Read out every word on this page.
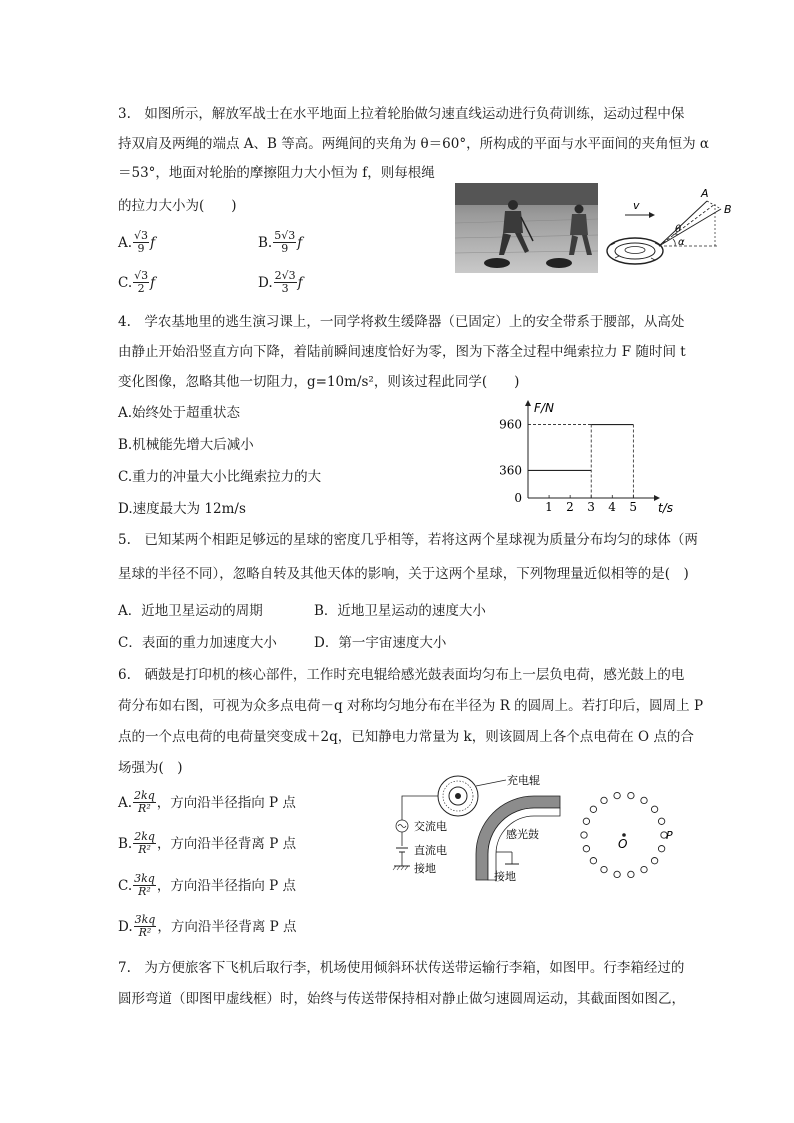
3.　如图所示，解放军战士在水平地面上拉着轮胎做匀速直线运动进行负荷训练，运动过程中保
持双肩及两绳的端点 A、B 等高。两绳间的夹角为 θ＝60°，所构成的平面与水平面间的夹角恒为 α
＝53°，地面对轮胎的摩擦阻力大小恒为 f，则每根绳
的拉力大小为(　　)
A. $\frac{√3}{9}$ f	B. $\frac{5√3}{9}$ f
C. $\frac{√3}{2}$ f	D. $\frac{2√3}{3}$ f
v
A
B
θ
α
4.　学农基地里的逃生演习课上，一同学将救生缓降器（已固定）上的安全带系于腰部，从高处
由静止开始沿竖直方向下降，着陆前瞬间速度恰好为零，图为下落全过程中绳索拉力 F 随时间 t
变化图像，忽略其他一切阻力，g=10m/s²，则该过程此同学(　　)
A.始终处于超重状态
B.机械能先增大后减小
C.重力的冲量大小比绳索拉力的大
D.速度最大为 12m/s
F/N
t/s
1 2 3 4 5
960
360
0
5.　已知某两个相距足够远的星球的密度几乎相等，若将这两个星球视为质量分布均匀的球体（两
星球的半径不同），忽略自转及其他天体的影响，关于这两个星球，下列物理量近似相等的是(　)
A．近地卫星运动的周期	B．近地卫星运动的速度大小
C．表面的重力加速度大小	D．第一宇宙速度大小
6.　硒鼓是打印机的核心部件，工作时充电辊给感光鼓表面均匀布上一层负电荷，感光鼓上的电
荷分布如右图，可视为众多点电荷－q 对称均匀地分布在半径为 R 的圆周上。若打印后，圆周上 P
点的一个点电荷的电荷量突变成＋2q，已知静电力常量为 k，则该圆周上各个点电荷在 O 点的合
场强为(　)
A. $\frac{2kq}{\text{R²}}$ ，方向沿半径指向 P 点
B. $\frac{2kq}{\text{R²}}$ ，方向沿半径背离 P 点
C. $\frac{3kq}{\text{R²}}$ ，方向沿半径指向 P 点
D. $\frac{3kq}{\text{R²}}$ ，方向沿半径背离 P 点
充电辊
感光鼓
接地
交流电
直流电
接地
O
P
7.　为方便旅客下飞机后取行李，机场使用倾斜环状传送带运输行李箱，如图甲。行李箱经过的
圆形弯道（即图甲虚线框）时，始终与传送带保持相对静止做匀速圆周运动，其截面图如图乙，
